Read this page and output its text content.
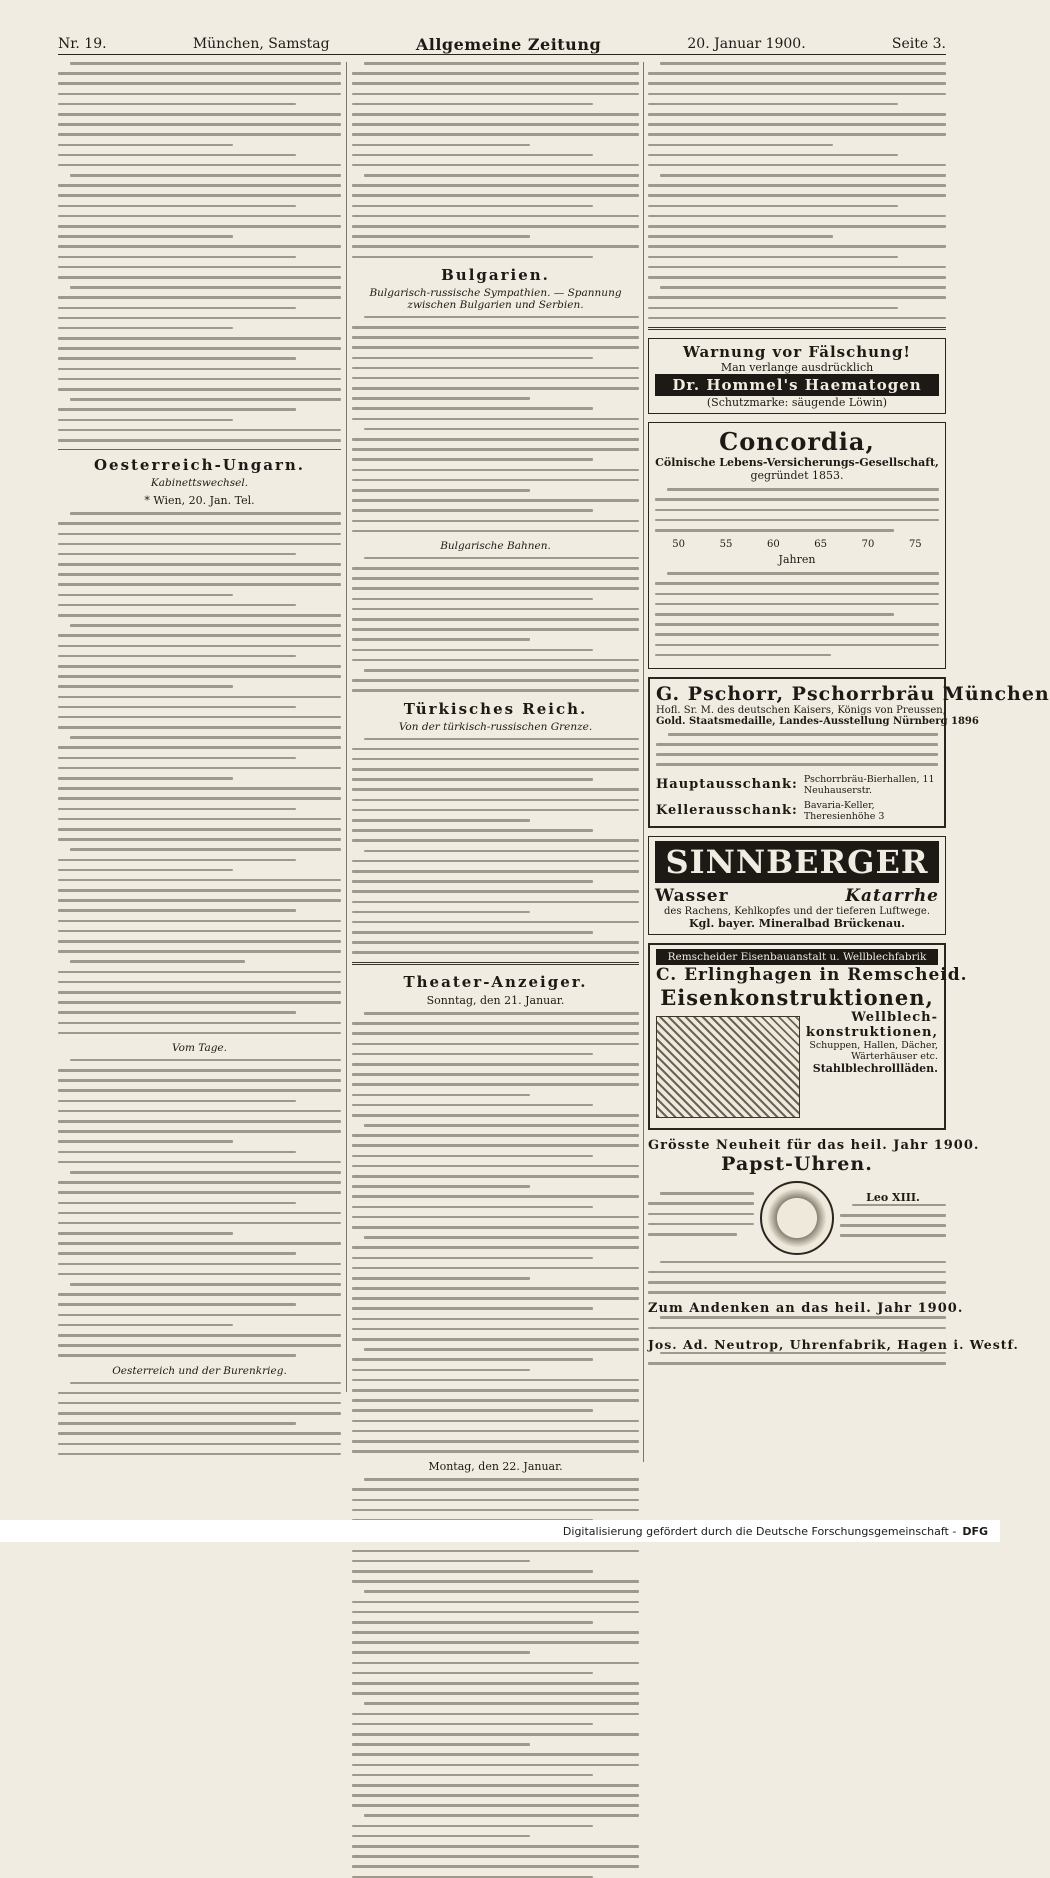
Nr. 19.	München, Samstag	Allgemeine Zeitung	20. Januar 1900.	Seite 3.
Oesterreich-Ungarn.
Kabinettswechsel.
* Wien, 20. Jan. Tel.
Vom Tage.
Oesterreich und der Burenkrieg.
Bulgarien.
Bulgarisch-russische Sympathien. — Spannung zwischen Bulgarien und Serbien.
Bulgarische Bahnen.
Türkisches Reich.
Von der türkisch-russischen Grenze.
Theater-Anzeiger.
Sonntag, den 21. Januar.
Montag, den 22. Januar.
Warnung vor Fälschung!
Man verlange ausdrücklich
Dr. Hommel's Haematogen
(Schutzmarke: säugende Löwin)
Concordia,
Cölnische Lebens-Versicherungs-Gesellschaft,
gegründet 1853.
50	55	60	65	70	75
Jahren
G. Pschorr, Pschorrbräu München
Hofl. Sr. M. des deutschen Kaisers, Königs von Preussen,
Gold. Staatsmedaille, Landes-Ausstellung Nürnberg 1896
Hauptausschank: Pschorrbräu-Bierhallen, 11 Neuhauserstr.
Kellerausschank: Bavaria-Keller, Theresienhöhe 3
SINNBERGER
Wasser	Katarrhe
des Rachens, Kehlkopfes und der tieferen Luftwege.
Kgl. bayer. Mineralbad Brückenau.
Remscheider Eisenbauanstalt u. Wellblechfabrik
C. Erlinghagen in Remscheid.
Eisenkonstruktionen,
Wellblech-konstruktionen,
Schuppen, Hallen, Dächer, Wärterhäuser etc.
Stahlblechrollläden.
Grösste Neuheit für das heil. Jahr 1900.
Papst-Uhren.
Leo XIII.
Zum Andenken an das heil. Jahr 1900.
Jos. Ad. Neutrop, Uhrenfabrik, Hagen i. Westf.
Digitalisierung gefördert durch die Deutsche Forschungsgemeinschaft - DFG
